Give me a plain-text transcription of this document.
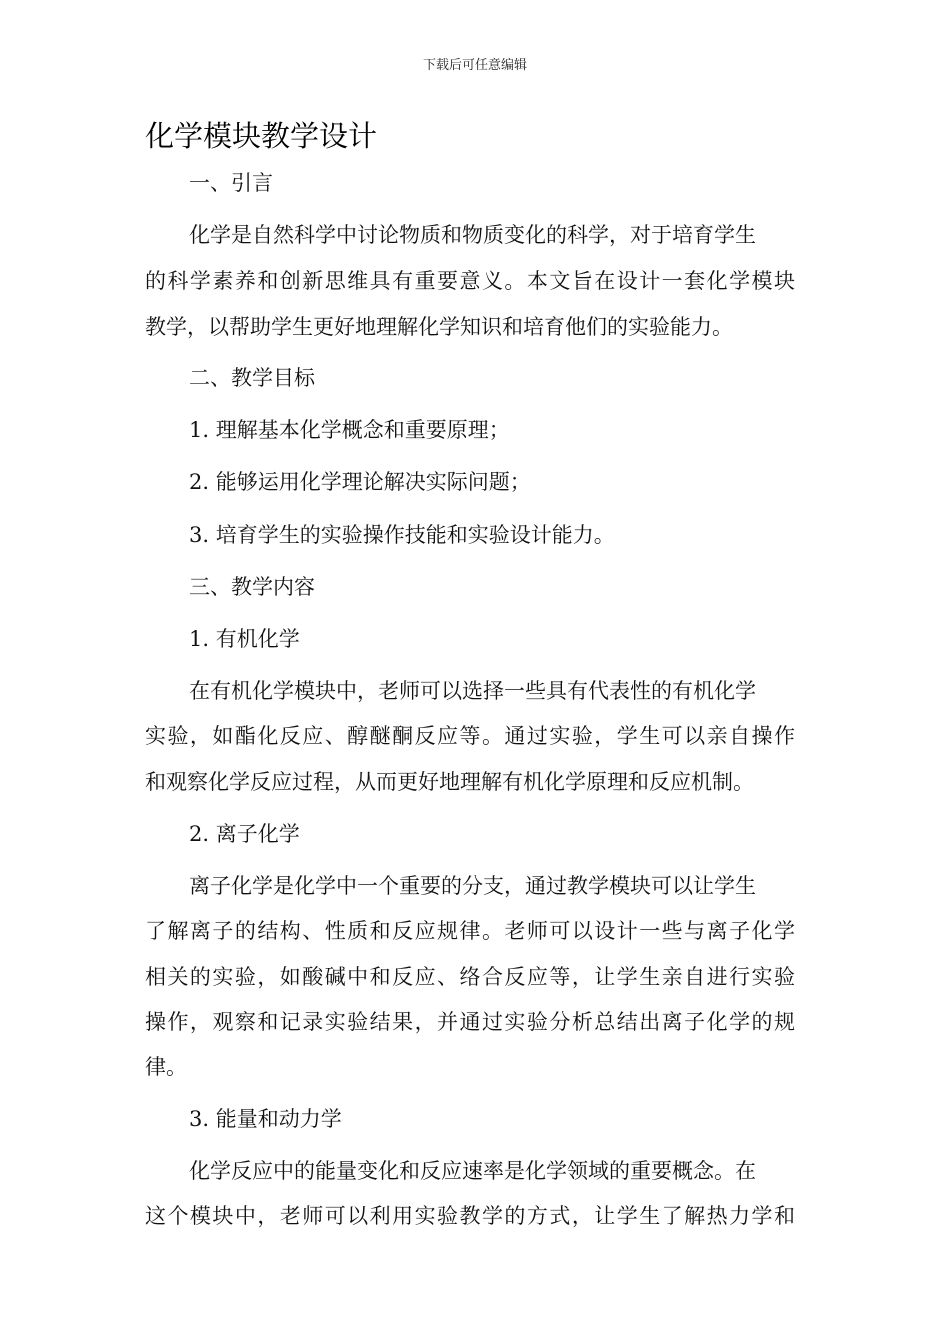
下载后可任意编辑
化学模块教学设计
一、引言
化学是自然科学中讨论物质和物质变化的科学，对于培育学生
的科学素养和创新思维具有重要意义。本文旨在设计一套化学模块
教学，以帮助学生更好地理解化学知识和培育他们的实验能力。
二、教学目标
1. 理解基本化学概念和重要原理；
2. 能够运用化学理论解决实际问题；
3. 培育学生的实验操作技能和实验设计能力。
三、教学内容
1. 有机化学
在有机化学模块中，老师可以选择一些具有代表性的有机化学
实验，如酯化反应、醇醚酮反应等。通过实验，学生可以亲自操作
和观察化学反应过程，从而更好地理解有机化学原理和反应机制。
2. 离子化学
离子化学是化学中一个重要的分支，通过教学模块可以让学生
了解离子的结构、性质和反应规律。老师可以设计一些与离子化学
相关的实验，如酸碱中和反应、络合反应等，让学生亲自进行实验
操作，观察和记录实验结果，并通过实验分析总结出离子化学的规
律。
3. 能量和动力学
化学反应中的能量变化和反应速率是化学领域的重要概念。在
这个模块中，老师可以利用实验教学的方式，让学生了解热力学和
